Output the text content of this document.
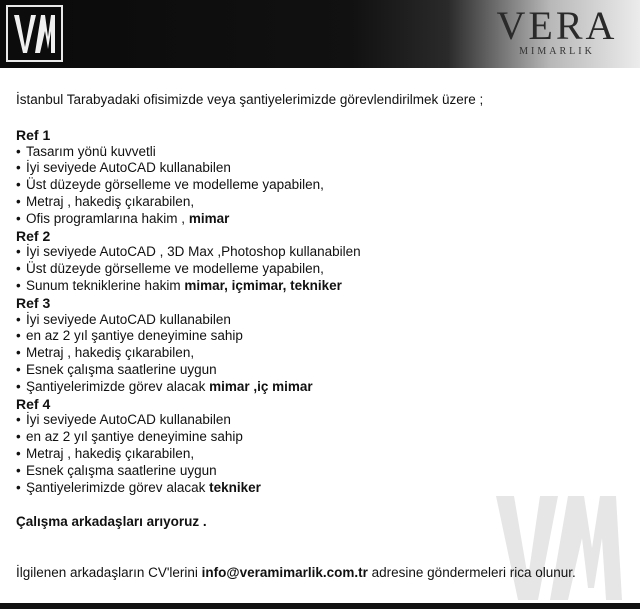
VERA
MIMARLIK

İstanbul Tarabyadaki ofisimizde veya şantiyelerimizde görevlendirilmek üzere ;

Ref 1
• Tasarım yönü kuvvetli
• İyi seviyede AutoCAD kullanabilen
• Üst düzeyde görselleme ve modelleme yapabilen,
• Metraj , hakediş çıkarabilen,
• Ofis programlarına hakim , mimar
Ref 2
• İyi seviyede AutoCAD , 3D Max ,Photoshop kullanabilen
• Üst düzeyde görselleme ve modelleme yapabilen,
• Sunum tekniklerine hakim mimar, içmimar, tekniker
Ref 3
• İyi seviyede AutoCAD kullanabilen
• en az 2 yıl şantiye deneyimine sahip
• Metraj , hakediş çıkarabilen,
• Esnek çalışma saatlerine uygun
• Şantiyelerimizde görev alacak mimar ,iç mimar
Ref 4
• İyi seviyede AutoCAD kullanabilen
• en az 2 yıl şantiye deneyimine sahip
• Metraj , hakediş çıkarabilen,
• Esnek çalışma saatlerine uygun
• Şantiyelerimizde görev alacak tekniker
Çalışma arkadaşları arıyoruz .
İlgilenen arkadaşların CV'lerini info@veramimarlik.com.tr adresine göndermeleri rica olunur.
